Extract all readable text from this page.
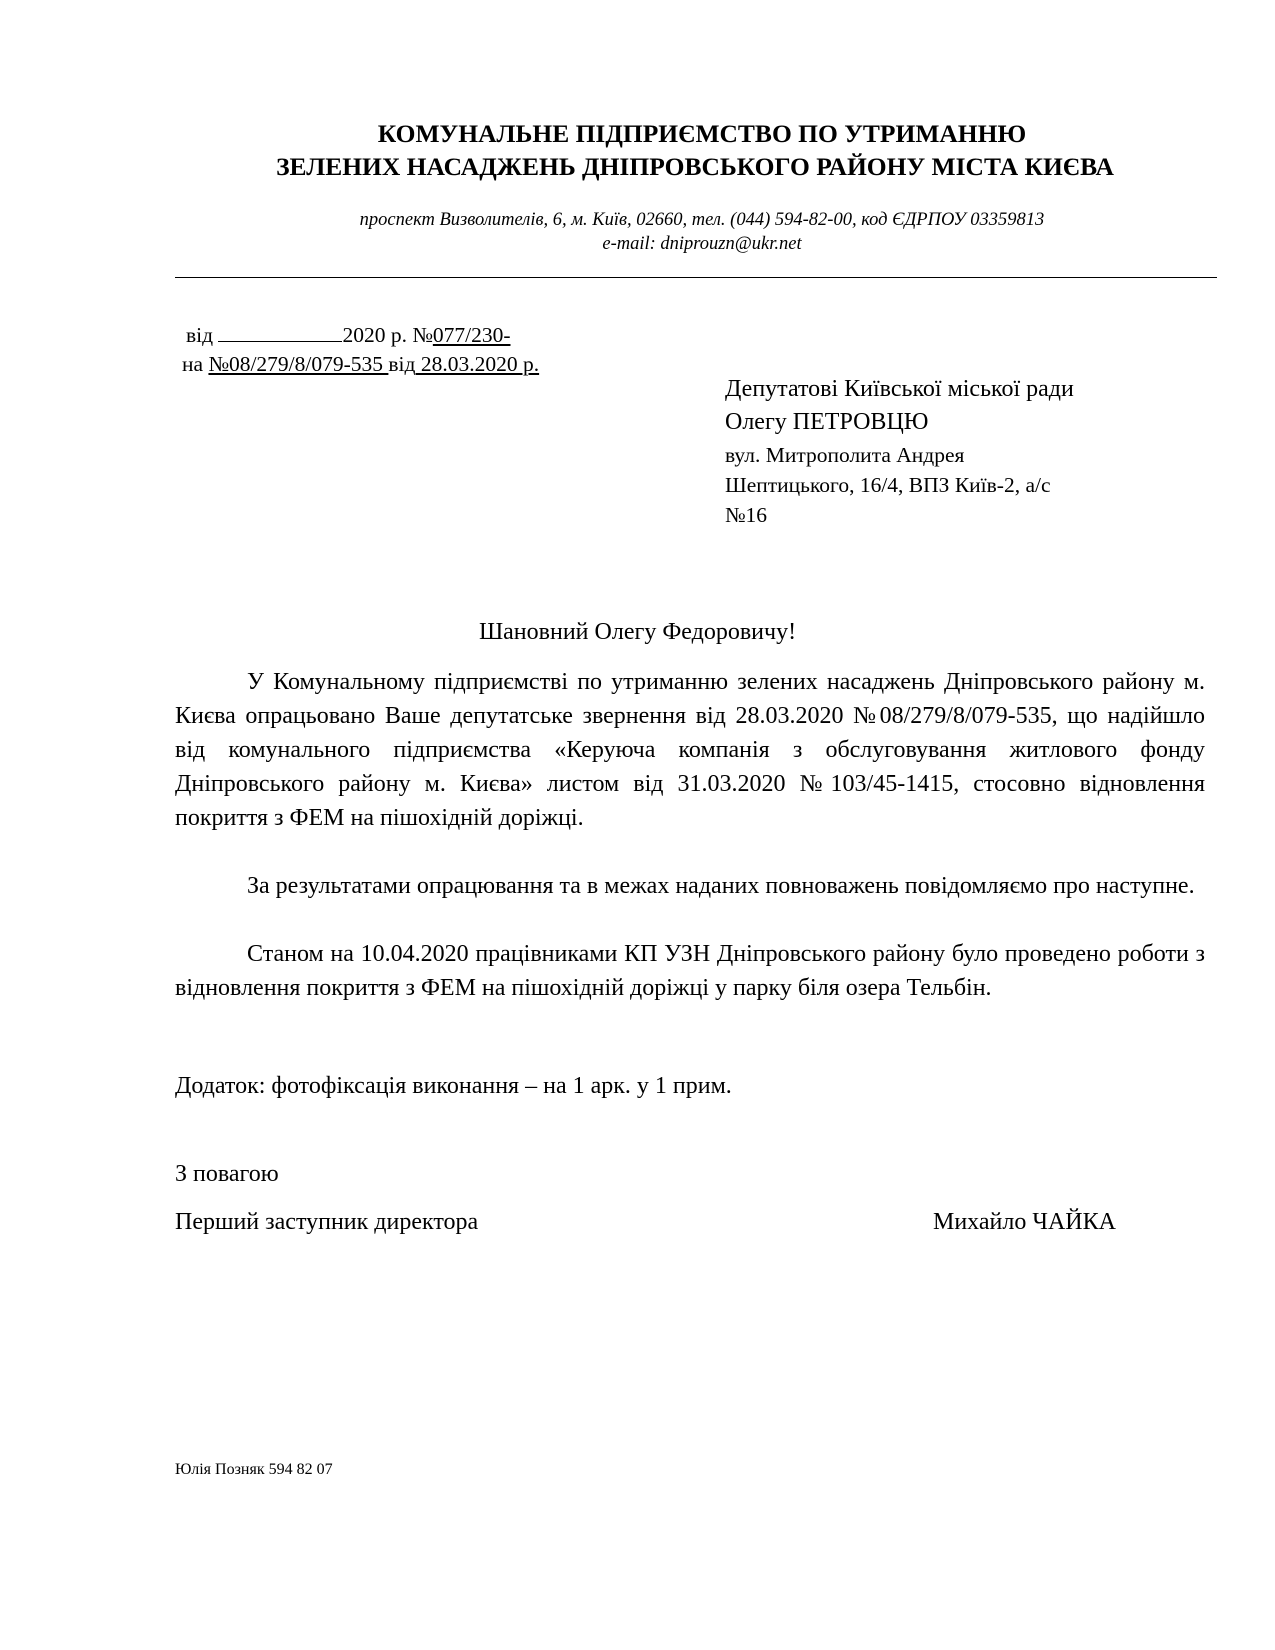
КОМУНАЛЬНЕ ПІДПРИЄМСТВО ПО УТРИМАННЮ
ЗЕЛЕНИХ НАСАДЖЕНЬ ДНІПРОВСЬКОГО РАЙОНУ МІСТА КИЄВА
проспект Визволителів, 6, м. Київ, 02660, тел. (044) 594-82-00, код ЄДРПОУ 03359813
e-mail: dniprouzn@ukr.net
від	2020 р. №077/230-
на №08/279/8/079-535 від 28.03.2020 р.
Депутатові Київської міської ради
Олегу ПЕТРОВЦЮ
вул. Митрополита Андрея
Шептицького, 16/4, ВПЗ Київ-2, а/с
№16
Шановний Олегу Федоровичу!

У Комунальному підприємстві по утриманню зелених насаджень Дніпровського району м. Києва опрацьовано Ваше депутатське звернення від 28.03.2020 №08/279/8/079-535, що надійшло від комунального підприємства «Керуюча компанія з обслуговування житлового фонду Дніпровського району м. Києва» листом від 31.03.2020 №103/45-1415, стосовно відновлення покриття з ФЕМ на пішохідній доріжці.

За результатами опрацювання та в межах наданих повноважень повідомляємо про наступне.

Станом на 10.04.2020 працівниками КП УЗН Дніпровського району було проведено роботи з відновлення покриття з ФЕМ на пішохідній доріжці у парку біля озера Тельбін.

Додаток: фотофіксація виконання – на 1 арк. у 1 прим.
З повагою
Перший заступник директора	Михайло ЧАЙКА
Юлія Позняк 594 82 07
